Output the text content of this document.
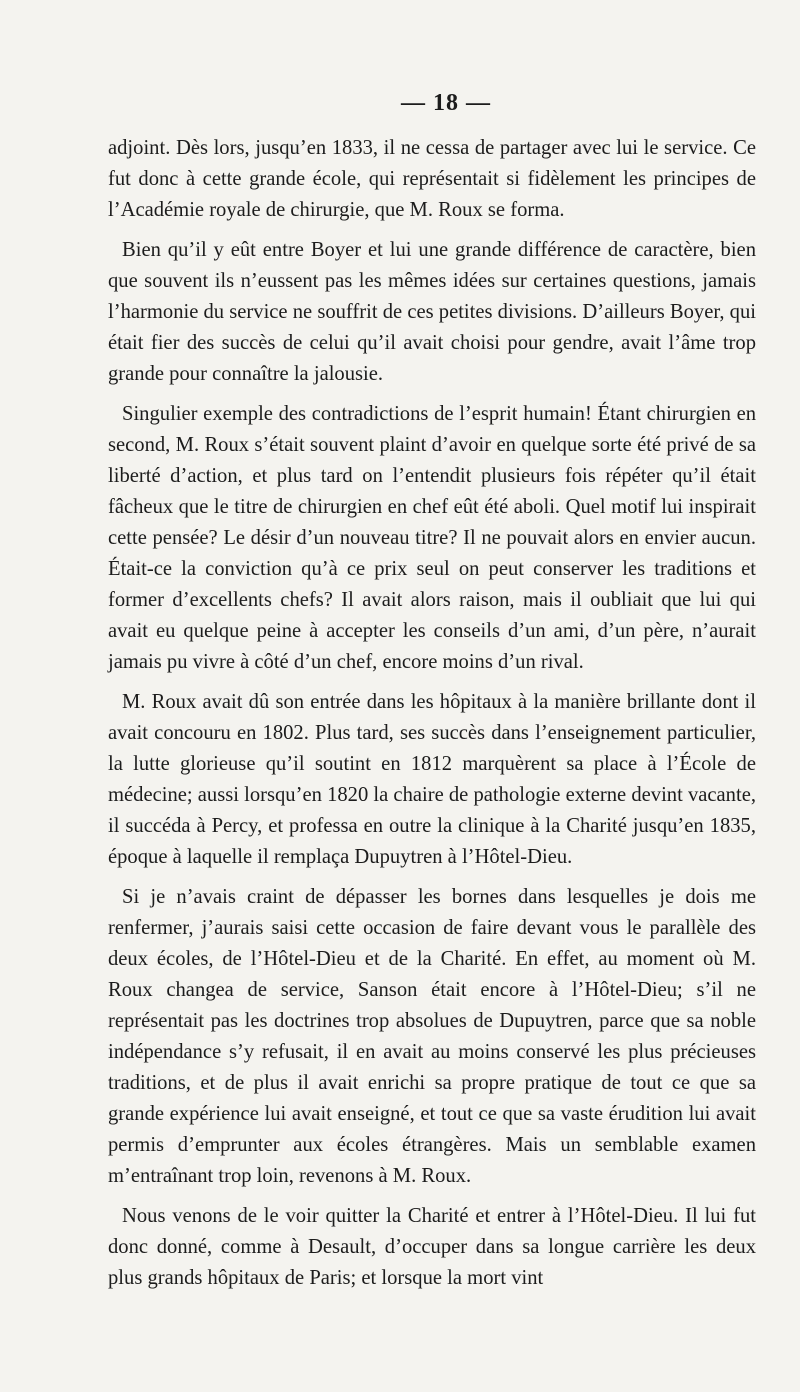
— 18 —

adjoint. Dès lors, jusqu’en 1833, il ne cessa de partager avec lui le service. Ce fut donc à cette grande école, qui représentait si fidèlement les principes de l’Académie royale de chirurgie, que M. Roux se forma.

Bien qu’il y eût entre Boyer et lui une grande différence de caractère, bien que souvent ils n’eussent pas les mêmes idées sur certaines questions, jamais l’harmonie du service ne souffrit de ces petites divisions. D’ailleurs Boyer, qui était fier des succès de celui qu’il avait choisi pour gendre, avait l’âme trop grande pour connaître la jalousie.

Singulier exemple des contradictions de l’esprit humain! Étant chirurgien en second, M. Roux s’était souvent plaint d’avoir en quelque sorte été privé de sa liberté d’action, et plus tard on l’entendit plusieurs fois répéter qu’il était fâcheux que le titre de chirurgien en chef eût été aboli. Quel motif lui inspirait cette pensée? Le désir d’un nouveau titre? Il ne pouvait alors en envier aucun. Était-ce la conviction qu’à ce prix seul on peut conserver les traditions et former d’excellents chefs? Il avait alors raison, mais il oubliait que lui qui avait eu quelque peine à accepter les conseils d’un ami, d’un père, n’aurait jamais pu vivre à côté d’un chef, encore moins d’un rival.

M. Roux avait dû son entrée dans les hôpitaux à la manière brillante dont il avait concouru en 1802. Plus tard, ses succès dans l’enseignement particulier, la lutte glorieuse qu’il soutint en 1812 marquèrent sa place à l’École de médecine; aussi lorsqu’en 1820 la chaire de pathologie externe devint vacante, il succéda à Percy, et professa en outre la clinique à la Charité jusqu’en 1835, époque à laquelle il remplaça Dupuytren à l’Hôtel-Dieu.

Si je n’avais craint de dépasser les bornes dans lesquelles je dois me renfermer, j’aurais saisi cette occasion de faire devant vous le parallèle des deux écoles, de l’Hôtel-Dieu et de la Charité. En effet, au moment où M. Roux changea de service, Sanson était encore à l’Hôtel-Dieu; s’il ne représentait pas les doctrines trop absolues de Dupuytren, parce que sa noble indépendance s’y refusait, il en avait au moins conservé les plus précieuses traditions, et de plus il avait enrichi sa propre pratique de tout ce que sa grande expérience lui avait enseigné, et tout ce que sa vaste érudition lui avait permis d’emprunter aux écoles étrangères. Mais un semblable examen m’entraînant trop loin, revenons à M. Roux.

Nous venons de le voir quitter la Charité et entrer à l’Hôtel-Dieu. Il lui fut donc donné, comme à Desault, d’occuper dans sa longue carrière les deux plus grands hôpitaux de Paris; et lorsque la mort vint
